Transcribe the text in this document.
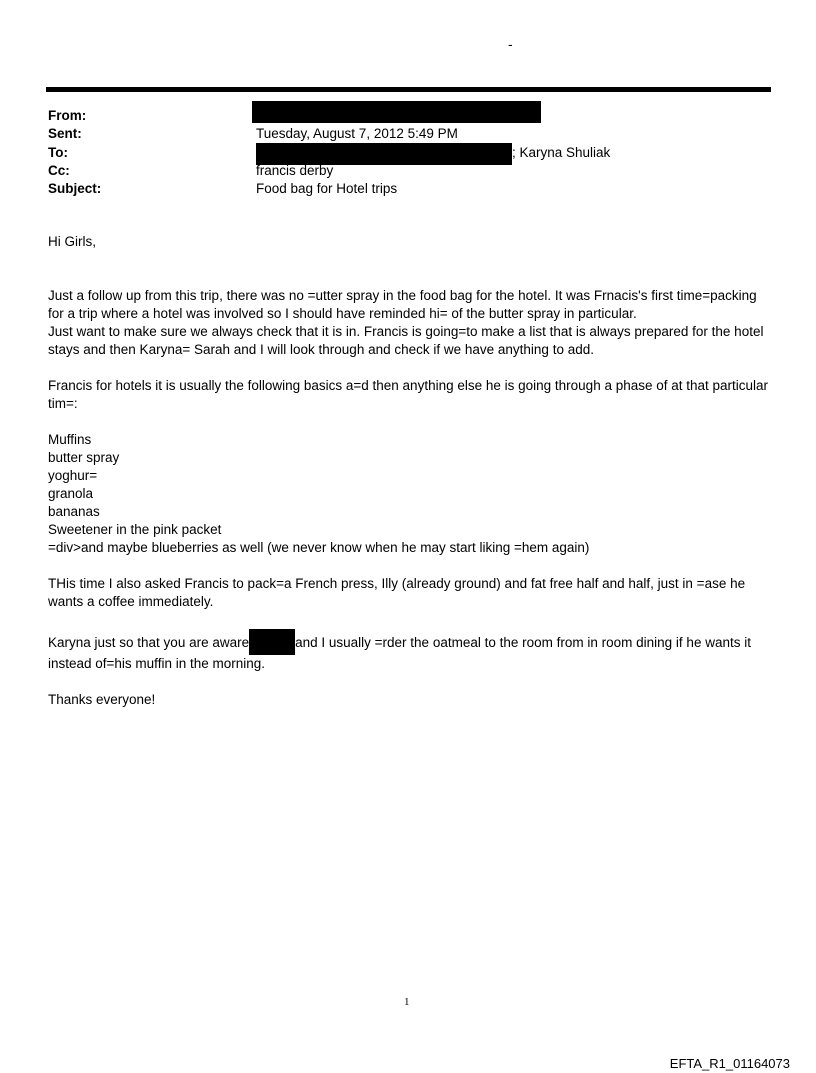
-
From:
Sent:	Tuesday, August 7, 2012 5:49 PM
To:	; Karyna Shuliak
Cc:	francis derby
Subject:	Food bag for Hotel trips

Hi Girls,

Just a follow up from this trip, there was no =utter spray in the food bag for the hotel. It was Frnacis's first time=packing

for a trip where a hotel was involved so I should have reminded hi= of the butter spray in particular.

Just want to make sure we always check that it is in. Francis is going=to make a list that is always prepared for the hotel

stays and then Karyna= Sarah and I will look through and check if we have anything to add.

Francis for hotels it is usually the following basics a=d then anything else he is going through a phase of at that particular

tim=:

Muffins

butter spray

yoghur=

granola

bananas

Sweetener in the pink packet

=div>and maybe blueberries as well (we never know when he may start liking =hem again)

THis time I also asked Francis to pack=a French press, Illy (already ground) and fat free half and half, just in =ase he

wants a coffee immediately.

Karyna just so that you are aware	and I usually =rder the oatmeal to the room from in room dining if he wants it

instead of=his muffin in the morning.

Thanks everyone!

1
EFTA_R1_01164073
